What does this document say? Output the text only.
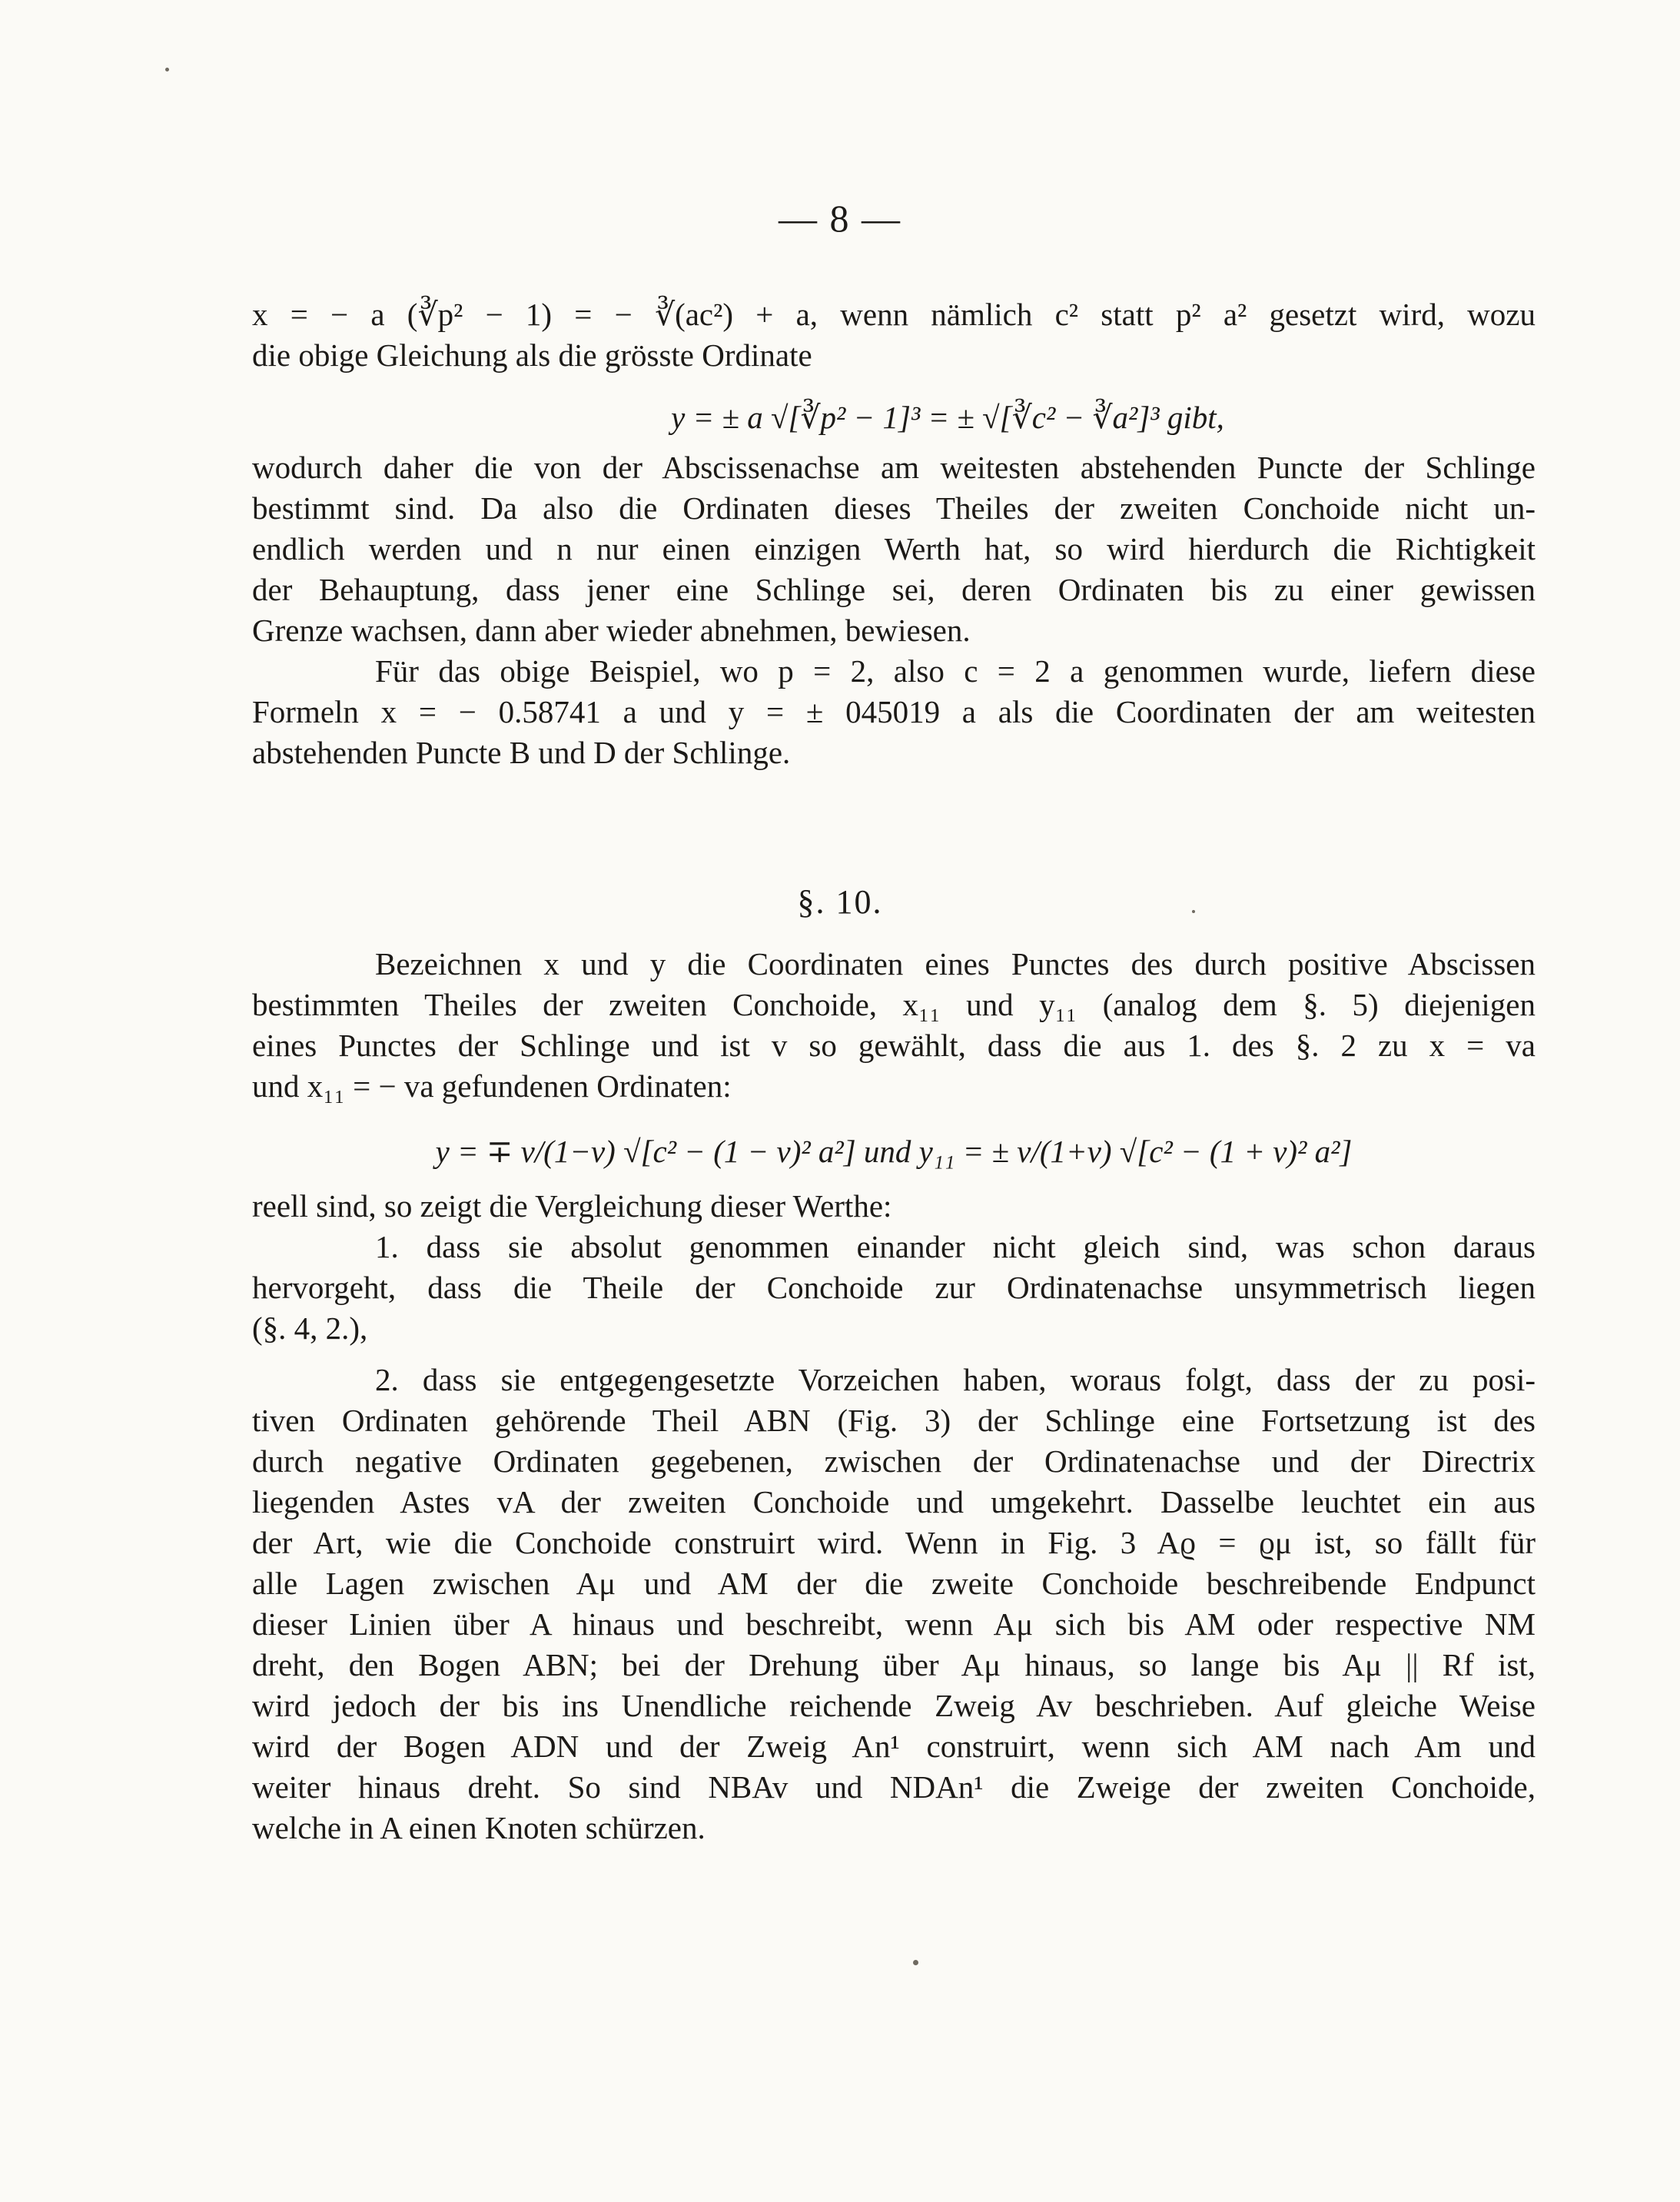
— 8 —
x = − a (∛p² − 1) = − ∛(ac²) + a, wenn nämlich c² statt p² a² gesetzt wird, wozu
die obige Gleichung als die grösste Ordinate
y = ± a √[∛p² − 1]³ = ± √[∛c² − ∛a²]³ gibt,
wodurch daher die von der Abscissenachse am weitesten abstehenden Puncte der Schlinge
bestimmt sind. Da also die Ordinaten dieses Theiles der zweiten Conchoide nicht un-
endlich werden und n nur einen einzigen Werth hat, so wird hierdurch die Richtigkeit
der Behauptung, dass jener eine Schlinge sei, deren Ordinaten bis zu einer gewissen
Grenze wachsen, dann aber wieder abnehmen, bewiesen.
Für das obige Beispiel, wo p = 2, also c = 2 a genommen wurde, liefern diese
Formeln x = − 0.58741 a und y = ± 045019 a als die Coordinaten der am weitesten
abstehenden Puncte B und D der Schlinge.
§. 10.
Bezeichnen x und y die Coordinaten eines Punctes des durch positive Abscissen
bestimmten Theiles der zweiten Conchoide, x₁₁ und y₁₁ (analog dem §. 5) diejenigen
eines Punctes der Schlinge und ist v so gewählt, dass die aus 1. des §. 2 zu x = va
und x₁₁ = − va gefundenen Ordinaten:
y = ∓ v/(1−v) √[c² − (1 − v)² a²] und y₁₁ = ± v/(1+v) √[c² − (1 + v)² a²]
reell sind, so zeigt die Vergleichung dieser Werthe:
1. dass sie absolut genommen einander nicht gleich sind, was schon daraus
hervorgeht, dass die Theile der Conchoide zur Ordinatenachse unsymmetrisch liegen
(§. 4, 2.),
2. dass sie entgegengesetzte Vorzeichen haben, woraus folgt, dass der zu posi-
tiven Ordinaten gehörende Theil ABN (Fig. 3) der Schlinge eine Fortsetzung ist des
durch negative Ordinaten gegebenen, zwischen der Ordinatenachse und der Directrix
liegenden Astes vA der zweiten Conchoide und umgekehrt. Dasselbe leuchtet ein aus
der Art, wie die Conchoide construirt wird. Wenn in Fig. 3 Aϱ = ϱμ ist, so fällt für
alle Lagen zwischen Aμ und AM der die zweite Conchoide beschreibende Endpunct
dieser Linien über A hinaus und beschreibt, wenn Aμ sich bis AM oder respective NM
dreht, den Bogen ABN; bei der Drehung über Aμ hinaus, so lange bis Aμ || Rf ist,
wird jedoch der bis ins Unendliche reichende Zweig Av beschrieben. Auf gleiche Weise
wird der Bogen ADN und der Zweig An¹ construirt, wenn sich AM nach Am und
weiter hinaus dreht. So sind NBAv und NDAn¹ die Zweige der zweiten Conchoide,
welche in A einen Knoten schürzen.
